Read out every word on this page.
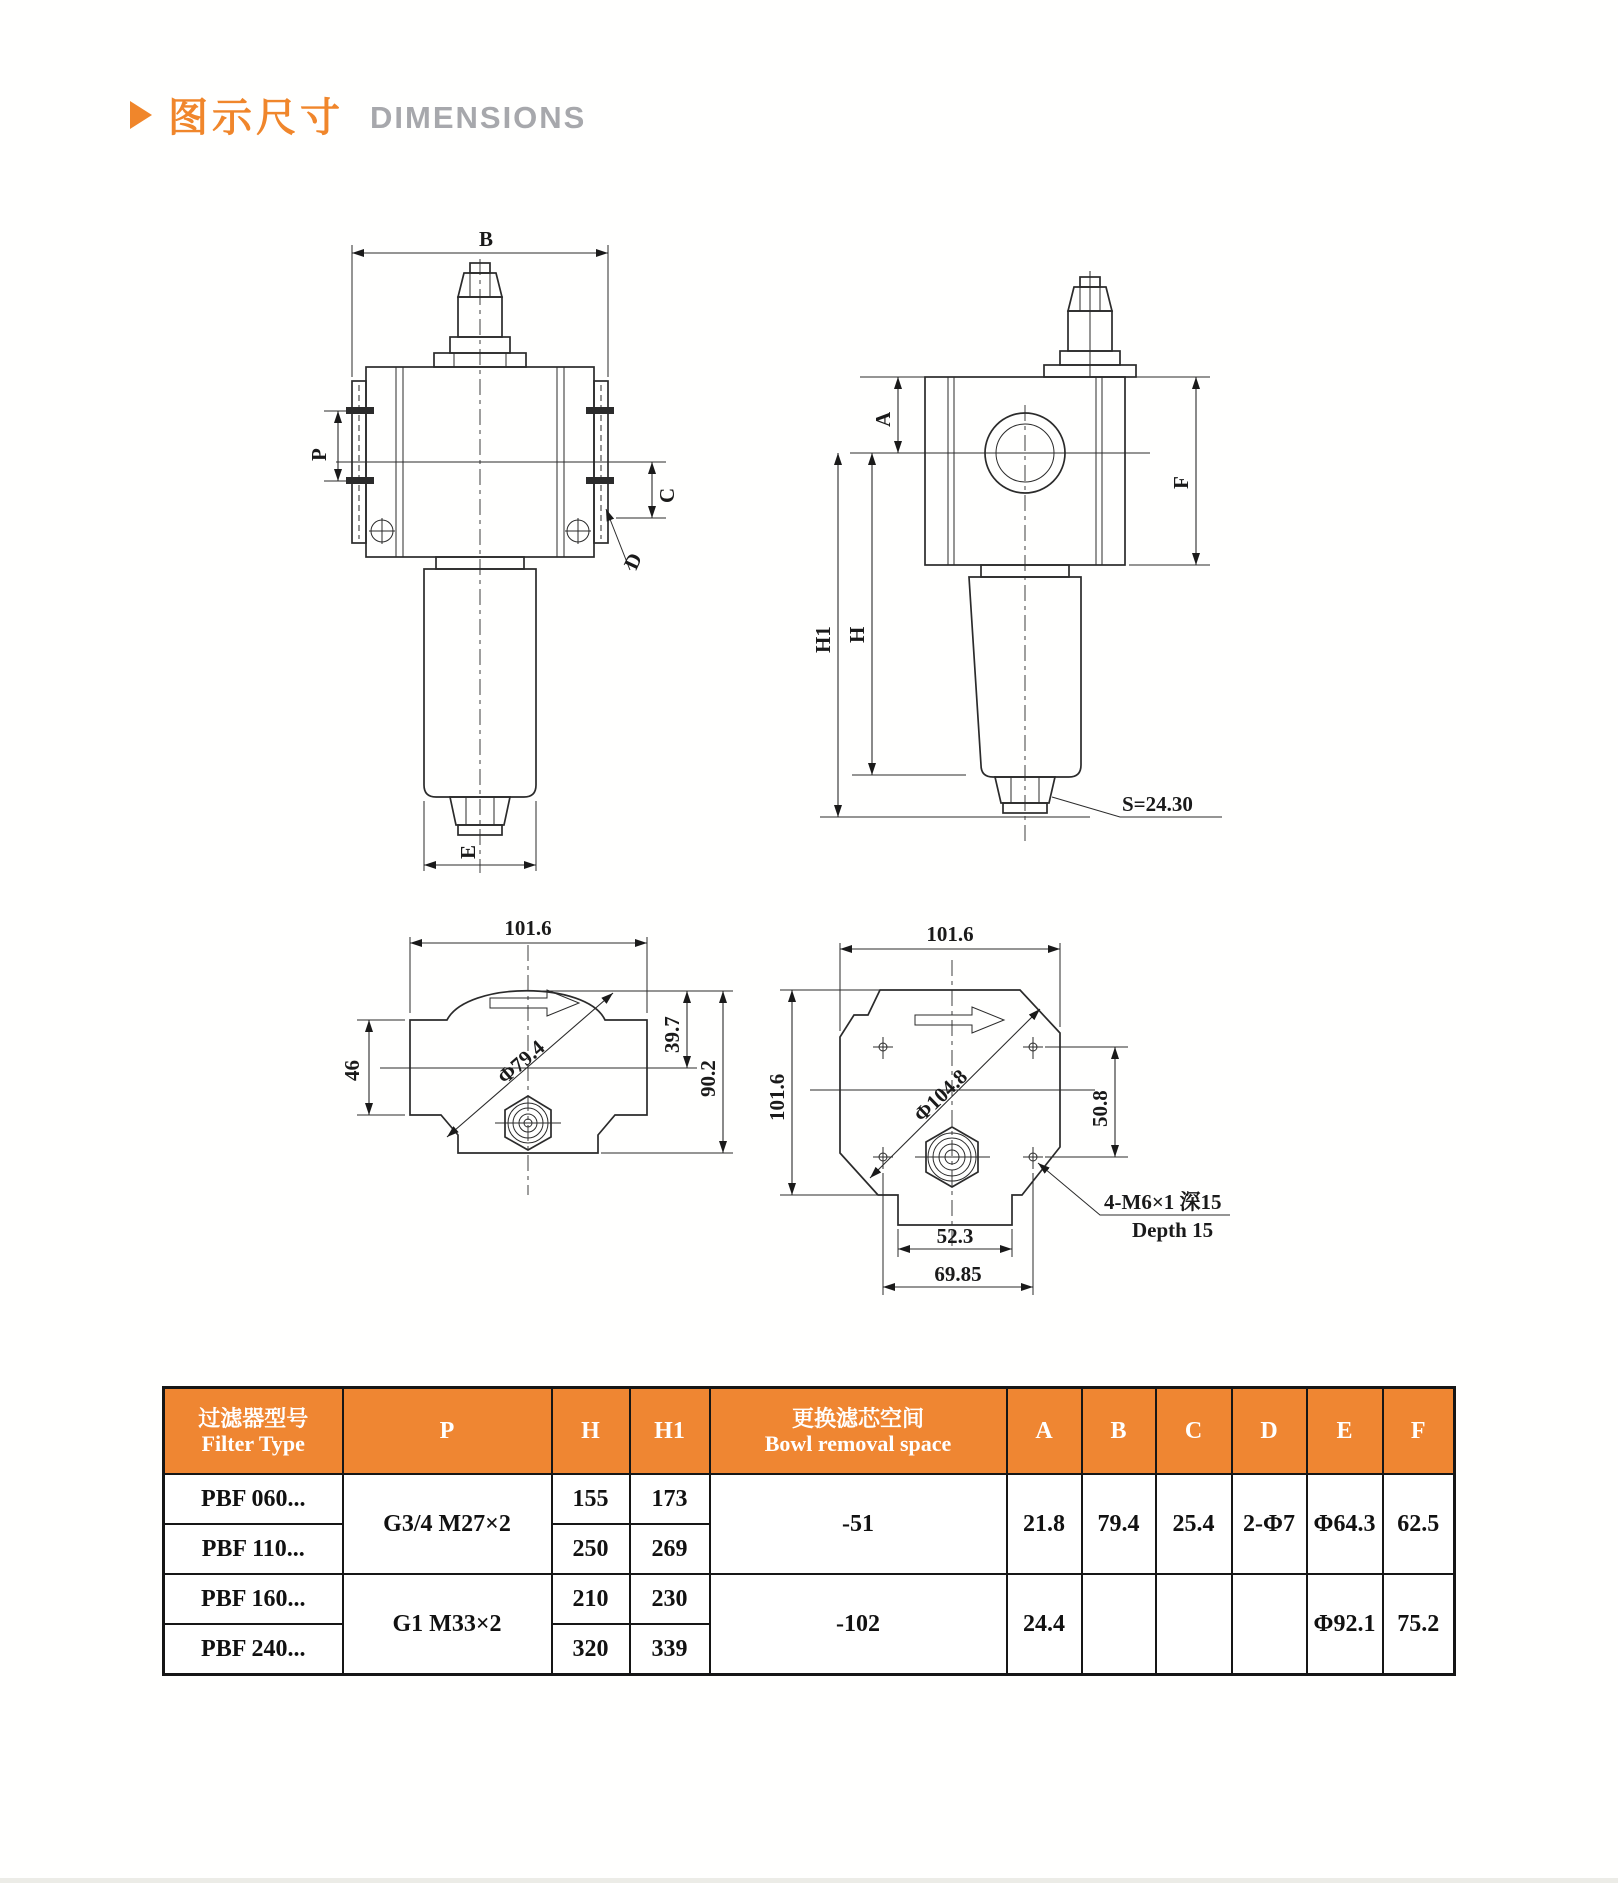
图示尺寸 DIMENSIONS
B
P
C
D
E
A
H1 H
F
S=24.30
Φ79.4
101.6
46
39.7
90.2	Φ104.8
101.6
101.6	50.8
52.3
69.85
4-M6×1 深15
Depth 15
过滤器型号
Filter Type	P	H	H1	更换滤芯空间
Bowl removal space	A	B	C	D	E	F
PBF 060...	G3/4 M27×2	155	173	-51	21.8	79.4	25.4	2-Φ7	Φ64.3	62.5
PBF 110...		250	269							
PBF 160...	G1 M33×2	210	230	-102	24.4				Φ92.1	75.2
PBF 240...		320	339							
